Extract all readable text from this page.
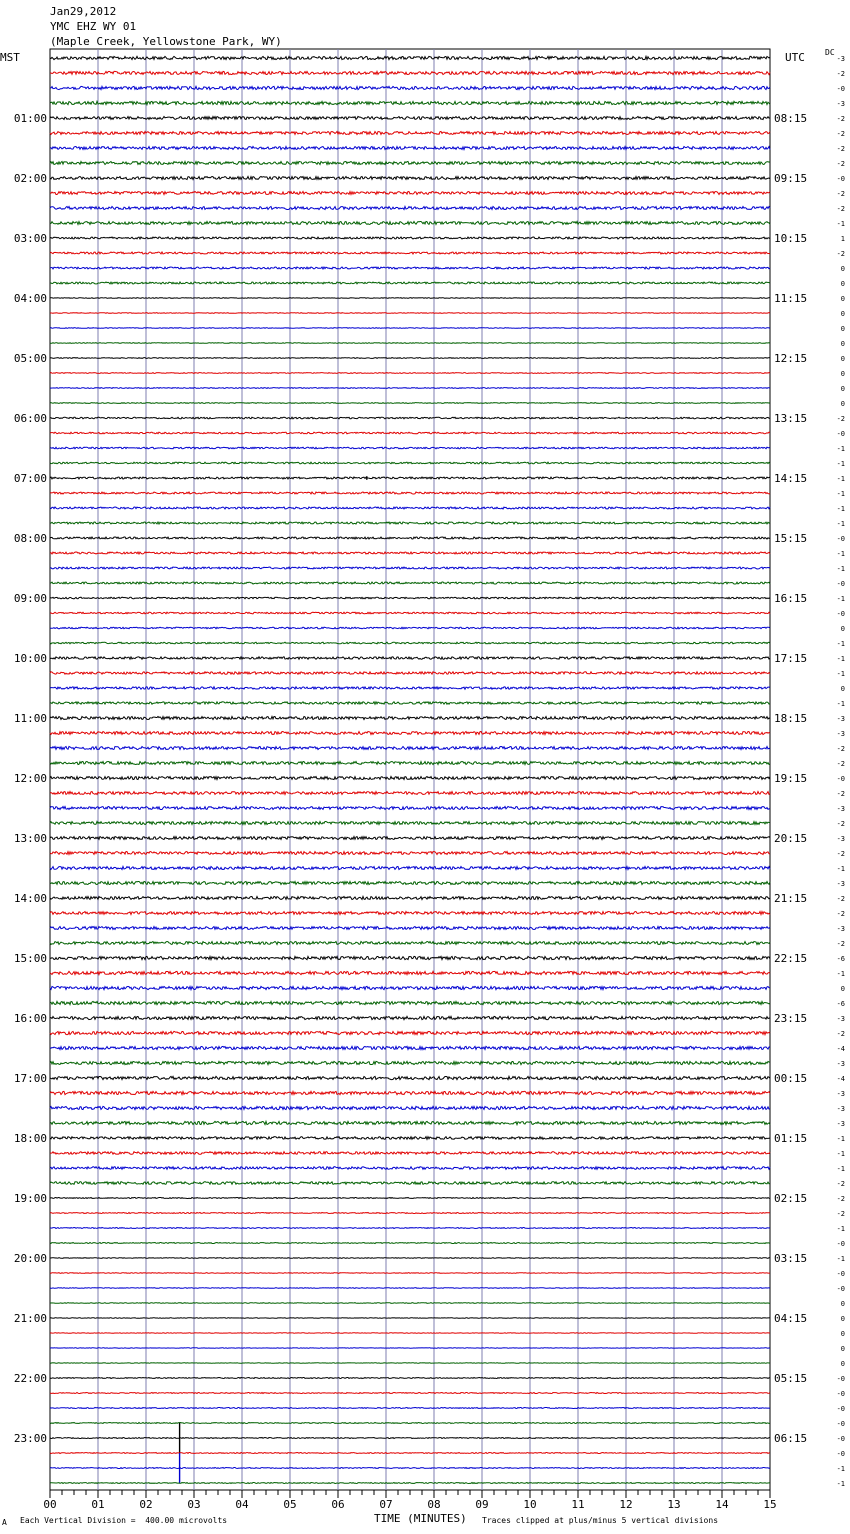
Jan29,2012
YMC EHZ WY 01
(Maple Creek, Yellowstone Park, WY)
MST	UTC	DC
01:00
02:00
03:00
04:00
05:00
06:00
07:00
08:00
09:00
10:00
11:00
12:00
13:00
14:00
15:00
16:00
17:00
18:00
19:00
20:00
21:00
22:00
23:00
08:15
09:15
10:15
11:15
12:15
13:15
14:15
15:15
16:15
17:15
18:15
19:15
20:15
21:15
22:15
23:15
00:15
01:15
02:15
03:15
04:15
05:15
06:15
-3
-2
-0
-3
-2
-2
-2
-2
-0
-2
-2
-1
1
-2
0
0
0
0
0
0
0
0
0
0
-2
-0
-1
-1
-1
-1
-1
-1
-0
-1
-1
-0
-1
-0
0
-1
-1
-1
0
-1
-3
-3
-2
-2
-0
-2
-3
-2
-3
-2
-1
-3
-2
-2
-3
-2
-6
-1
0
-6
-3
-2
-4
-3
-4
-3
-3
-3
-1
-1
-1
-2
-2
-2
-1
-0
-1
-0
-0
0
0
0
0
0
-0
-0
-0
-0
-0
-0
-1
-1
00	01	02	03	04	05	06	07	08	09	10	11	12	13	14	15
A Each Vertical Division =  400.00 microvolts	TIME (MINUTES) Traces clipped at plus/minus 5 vertical divisions
